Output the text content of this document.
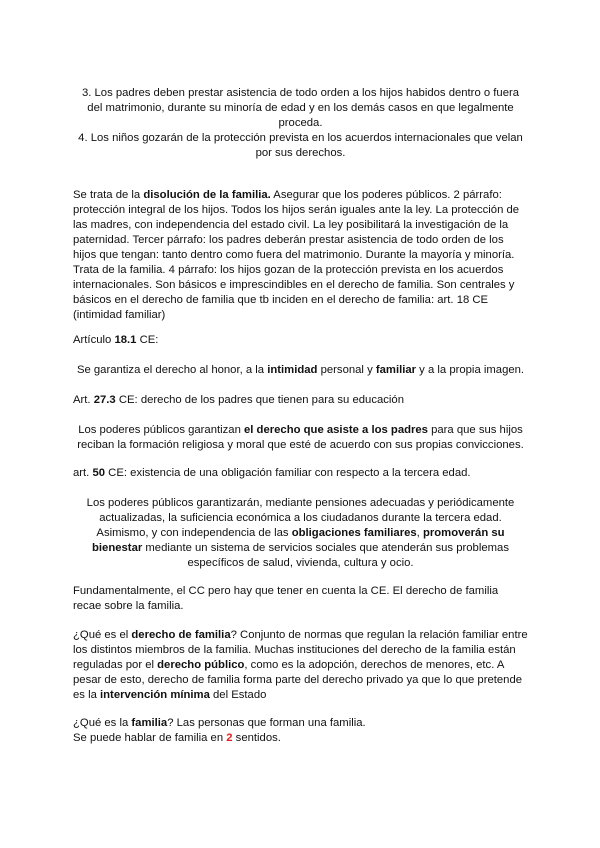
3. Los padres deben prestar asistencia de todo orden a los hijos habidos dentro o fuera del matrimonio, durante su minoría de edad y en los demás casos en que legalmente proceda.

4. Los niños gozarán de la protección prevista en los acuerdos internacionales que velan por sus derechos.

Se trata de la disolución de la familia. Asegurar que los poderes públicos. 2 párrafo: protección integral de los hijos. Todos los hijos serán iguales ante la ley. La protección de las madres, con independencia del estado civil. La ley posibilitará la investigación de la paternidad. Tercer párrafo: los padres deberán prestar asistencia de todo orden de los hijos que tengan: tanto dentro como fuera del matrimonio. Durante la mayoría y minoría. Trata de la familia. 4 párrafo: los hijos gozan de la protección prevista en los acuerdos internacionales. Son básicos e imprescindibles en el derecho de familia. Son centrales y básicos en el derecho de familia que tb inciden en el derecho de familia: art. 18 CE (intimidad familiar)

Artículo 18.1 CE:

Se garantiza el derecho al honor, a la intimidad personal y familiar y a la propia imagen.

Art. 27.3 CE: derecho de los padres que tienen para su educación

Los poderes públicos garantizan el derecho que asiste a los padres para que sus hijos reciban la formación religiosa y moral que esté de acuerdo con sus propias convicciones.

art. 50 CE: existencia de una obligación familiar con respecto a la tercera edad.

Los poderes públicos garantizarán, mediante pensiones adecuadas y periódicamente actualizadas, la suficiencia económica a los ciudadanos durante la tercera edad. Asimismo, y con independencia de las obligaciones familiares, promoverán su bienestar mediante un sistema de servicios sociales que atenderán sus problemas específicos de salud, vivienda, cultura y ocio.

Fundamentalmente, el CC pero hay que tener en cuenta la CE. El derecho de familia recae sobre la familia.

¿Qué es el derecho de familia? Conjunto de normas que regulan la relación familiar entre los distintos miembros de la familia. Muchas instituciones del derecho de la familia están reguladas por el derecho público, como es la adopción, derechos de menores, etc. A pesar de esto, derecho de familia forma parte del derecho privado ya que lo que pretende es la intervención mínima del Estado

¿Qué es la familia? Las personas que forman una familia.
Se puede hablar de familia en 2 sentidos.
